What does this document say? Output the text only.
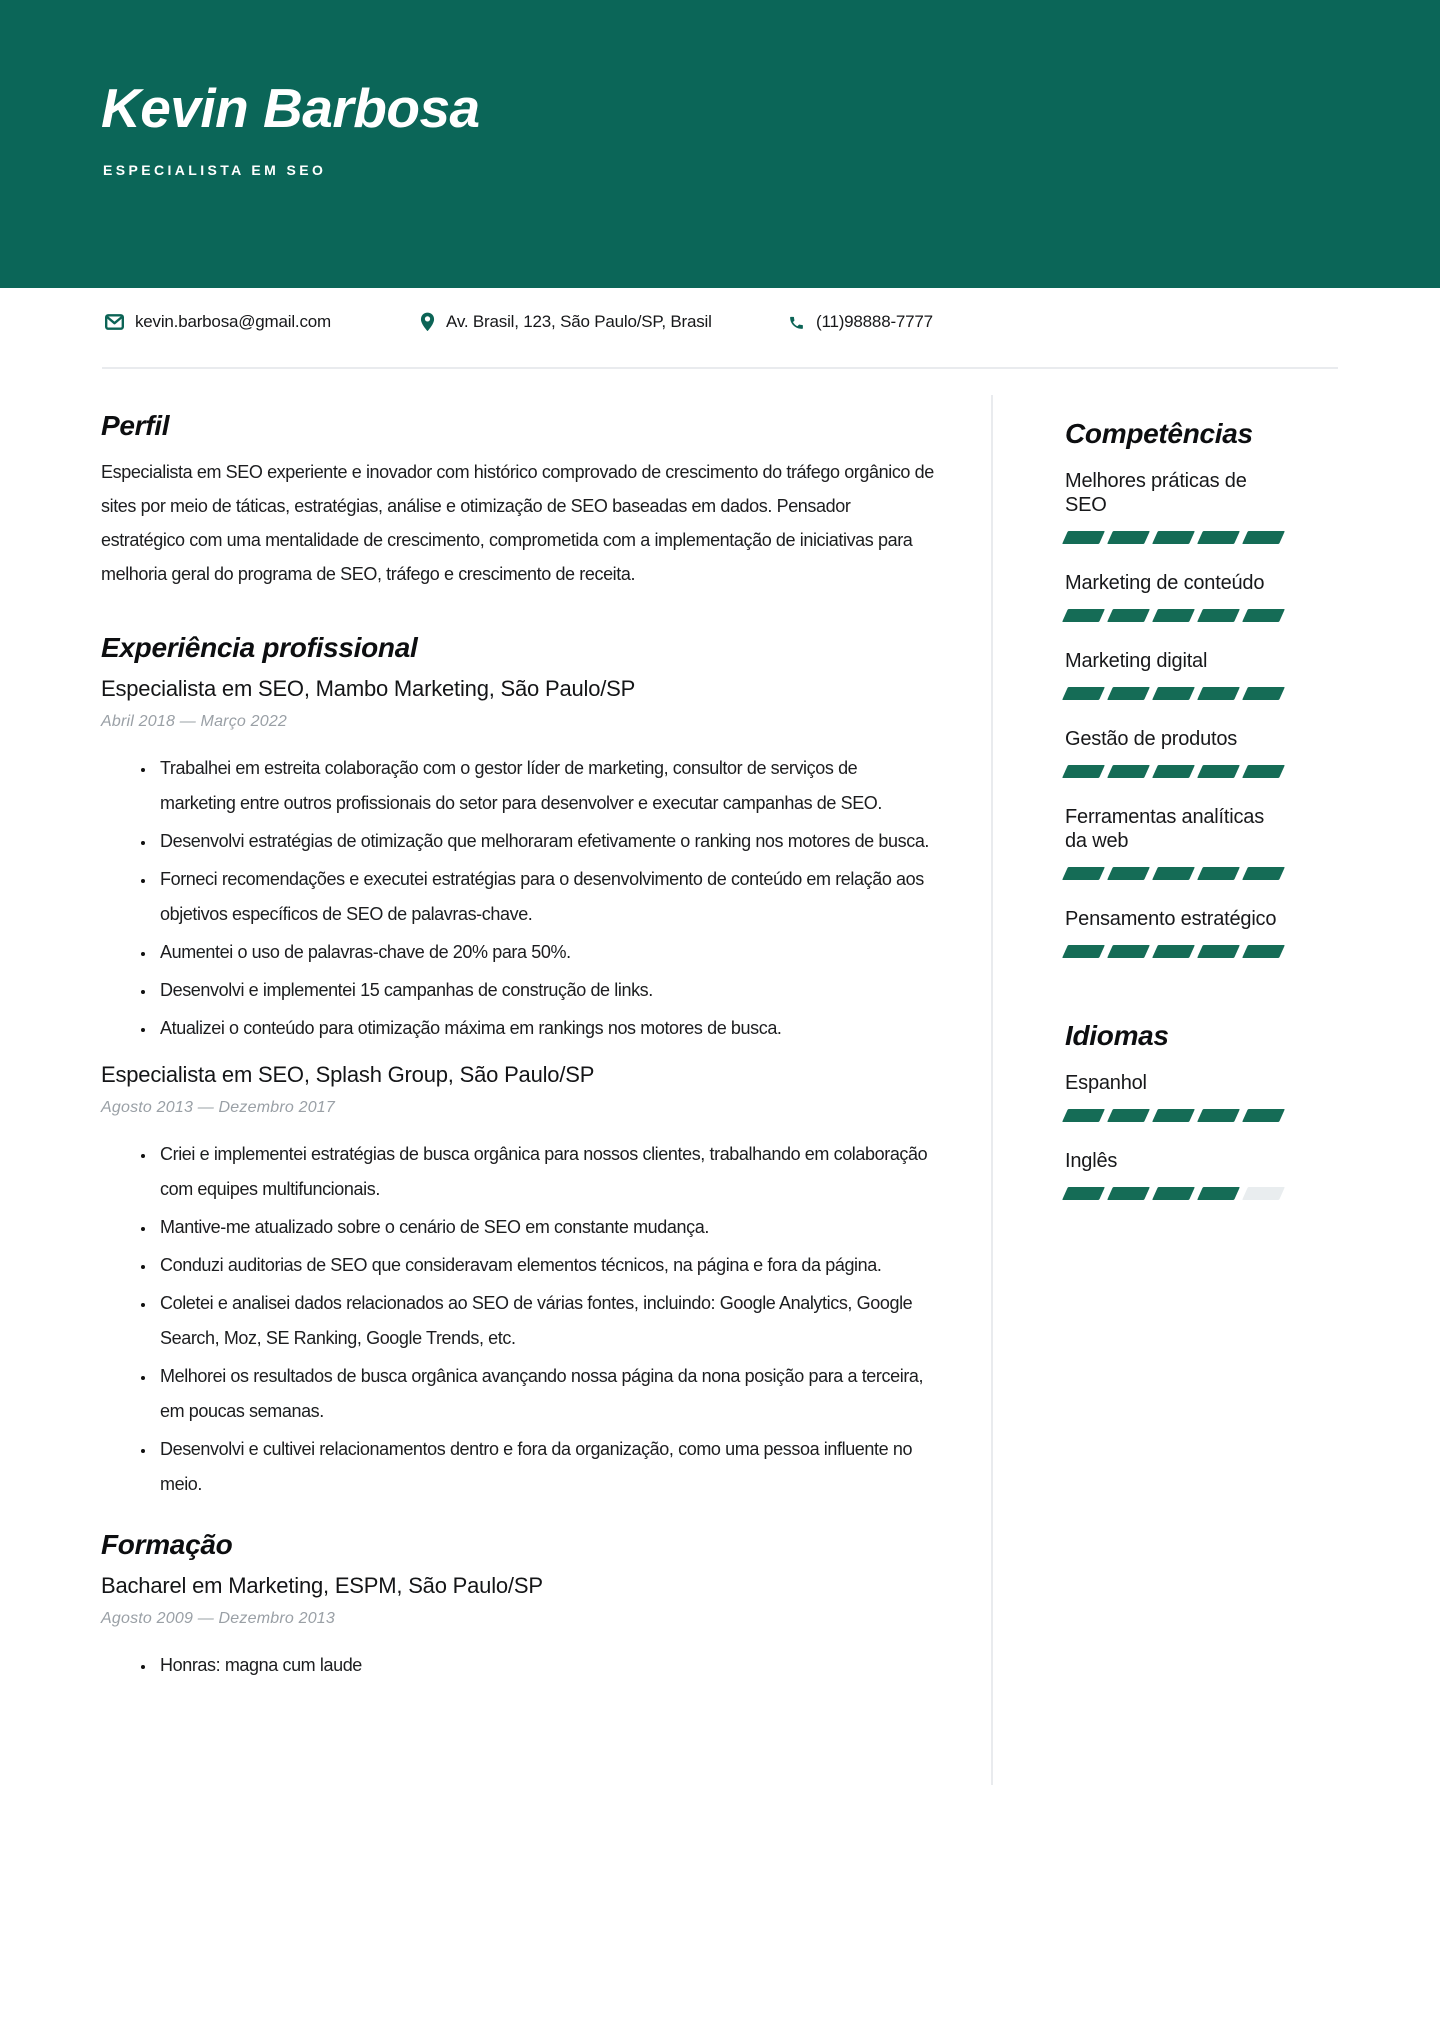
Kevin Barbosa
ESPECIALISTA EM SEO
kevin.barbosa@gmail.com	Av. Brasil, 123, São Paulo/SP, Brasil	(11)98888-7777
Perfil

Especialista em SEO experiente e inovador com histórico comprovado de crescimento do tráfego orgânico de sites por meio de táticas, estratégias, análise e otimização de SEO baseadas em dados. Pensador estratégico com uma mentalidade de crescimento, comprometida com a implementação de iniciativas para melhoria geral do programa de SEO, tráfego e crescimento de receita.

Experiência profissional
Especialista em SEO, Mambo Marketing, São Paulo/SP
Abril 2018 — Março 2022
• Trabalhei em estreita colaboração com o gestor líder de marketing, consultor de serviços de marketing entre outros profissionais do setor para desenvolver e executar campanhas de SEO.
• Desenvolvi estratégias de otimização que melhoraram efetivamente o ranking nos motores de busca.
• Forneci recomendações e executei estratégias para o desenvolvimento de conteúdo em relação aos objetivos específicos de SEO de palavras-chave.
• Aumentei o uso de palavras-chave de 20% para 50%.
• Desenvolvi e implementei 15 campanhas de construção de links.
• Atualizei o conteúdo para otimização máxima em rankings nos motores de busca.
Especialista em SEO, Splash Group, São Paulo/SP
Agosto 2013 — Dezembro 2017
• Criei e implementei estratégias de busca orgânica para nossos clientes, trabalhando em colaboração com equipes multifuncionais.
• Mantive-me atualizado sobre o cenário de SEO em constante mudança.
• Conduzi auditorias de SEO que consideravam elementos técnicos, na página e fora da página.
• Coletei e analisei dados relacionados ao SEO de várias fontes, incluindo: Google Analytics, Google Search, Moz, SE Ranking, Google Trends, etc.
• Melhorei os resultados de busca orgânica avançando nossa página da nona posição para a terceira, em poucas semanas.
• Desenvolvi e cultivei relacionamentos dentro e fora da organização, como uma pessoa influente no meio.
Formação
Bacharel em Marketing, ESPM, São Paulo/SP
Agosto 2009 — Dezembro 2013
• Honras: magna cum laude
Competências
Melhores práticas de SEO
Marketing de conteúdo
Marketing digital
Gestão de produtos
Ferramentas analíticas da web
Pensamento estratégico
Idiomas
Espanhol
Inglês
